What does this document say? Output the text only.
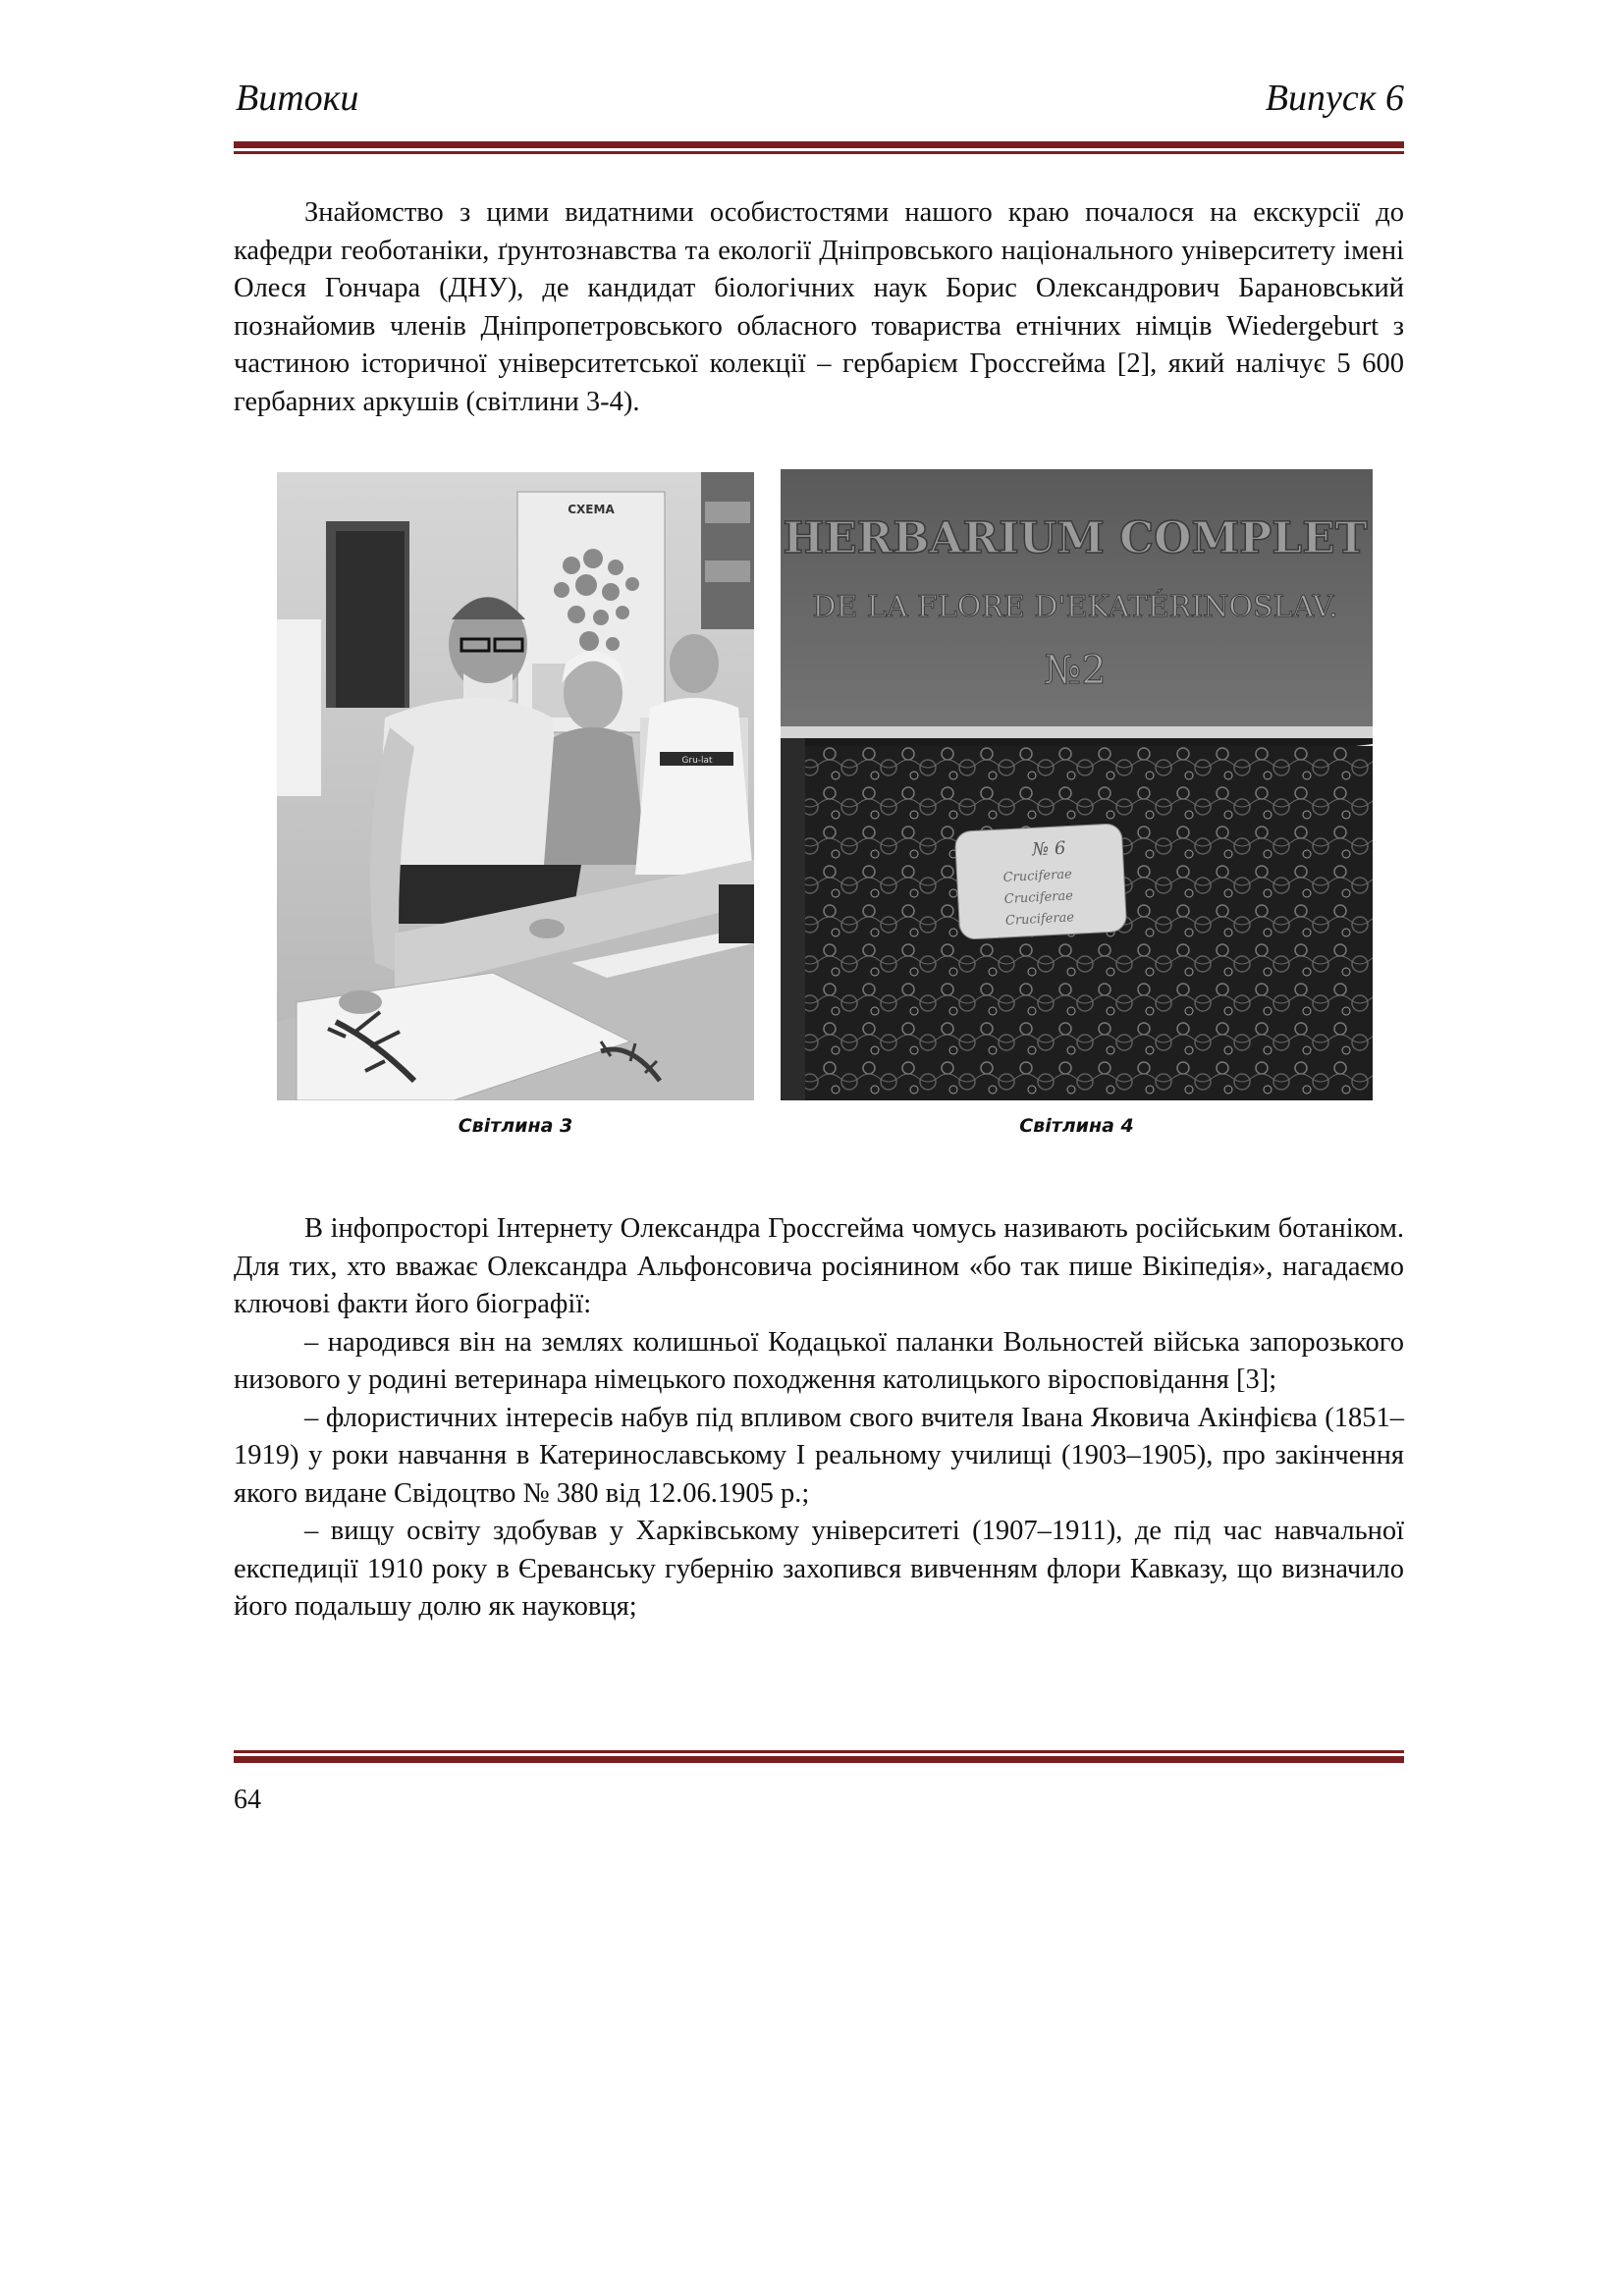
Витоки	Випуск 6

Знайомство з цими видатними особистостями нашого краю почалося на екскурсії до кафедри геоботаніки, ґрунтознавства та екології Дніпровського національного університету імені Олеся Гончара (ДНУ), де кандидат біологічних наук Борис Олександрович Барановський познайомив членів Дніпропетровського обласного товариства етнічних німців Wiedergeburt з частиною історичної університетської колекції – гербарієм Гроссгейма [2], який налічує 5 600 гербарних аркушів (світлини 3-4).

СХЕМА
Gru-lat
Світлина 3
HERBARIUM COMPLET
DE LA FLORE D'EKATÉRINOSLAV.
№2
№ 6
Cruciferae
Cruciferae
Cruciferae
Світлина 4

В інфопросторі Інтернету Олександра Гроссгейма чомусь називають російським ботаніком. Для тих, хто вважає Олександра Альфонсовича росіянином «бо так пише Вікіпедія», нагадаємо ключові факти його біографії:

– народився він на землях колишньої Кодацької паланки Вольностей війська запорозького низового у родині ветеринара німецького походження католицького віросповідання [3];

– флористичних інтересів набув під впливом свого вчителя Івана Яковича Акінфієва (1851–1919) у роки навчання в Катеринославському І реальному училищі (1903–1905), про закінчення якого видане Свідоцтво № 380 від 12.06.1905 р.;

– вищу освіту здобував у Харківському університеті (1907–1911), де під час навчальної експедиції 1910 року в Єреванську губернію захопився вивченням флори Кавказу, що визначило його подальшу долю як науковця;

64
